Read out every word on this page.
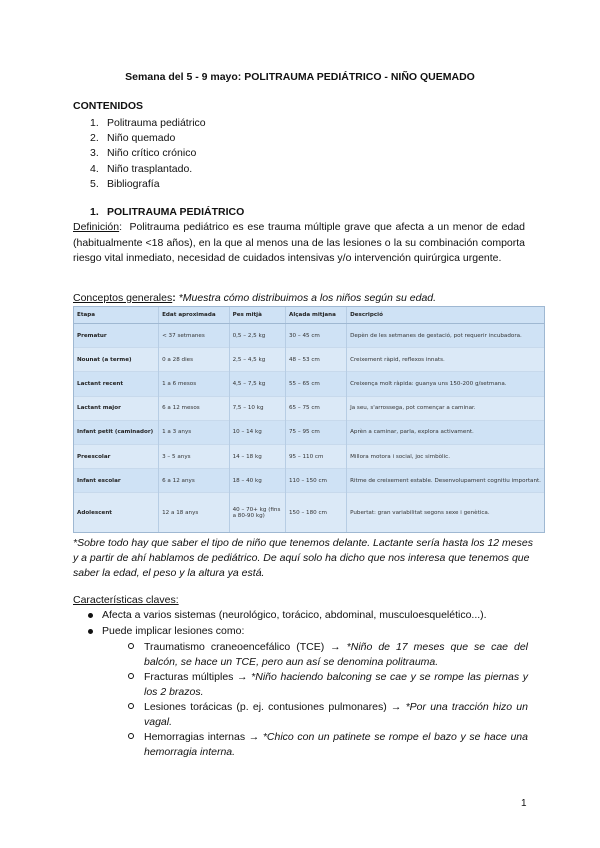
Semana del 5 - 9 mayo: POLITRAUMA PEDIÁTRICO - NIÑO QUEMADO
CONTENIDOS
1. Politrauma pediátrico
2. Niño quemado
3. Niño crítico crónico
4. Niño trasplantado.
5. Bibliografía
1. POLITRAUMA PEDIÁTRICO
Definición: Politrauma pediátrico es ese trauma múltiple grave que afecta a un menor de edad (habitualmente <18 años), en la que al menos una de las lesiones o la su combinación comporta riesgo vital inmediato, necesidad de cuidados intensivas y/o intervención quirúrgica urgente.
Conceptos generales: *Muestra cómo distribuimos a los niños según su edad.
Etapa	Edat aproximada	Pes mitjà	Alçada mitjana	Descripció
Prematur	< 37 setmanes	0,5 – 2,5 kg	30 – 45 cm	Depèn de les setmanes de gestació, pot requerir incubadora.
Nounat (a terme)	0 a 28 dies	2,5 – 4,5 kg	48 – 53 cm	Creixement ràpid, reflexos innats.
Lactant recent	1 a 6 mesos	4,5 – 7,5 kg	55 – 65 cm	Creixença molt ràpida: guanya uns 150-200 g/setmana.
Lactant major	6 a 12 mesos	7,5 – 10 kg	65 – 75 cm	Ja seu, s'arrossega, pot començar a caminar.
Infant petit (caminador)	1 a 3 anys	10 – 14 kg	75 – 95 cm	Aprèn a caminar, parla, explora activament.
Preescolar	3 – 5 anys	14 – 18 kg	95 – 110 cm	Millora motora i social, joc simbòlic.
Infant escolar	6 a 12 anys	18 – 40 kg	110 – 150 cm	Ritme de creixement estable. Desenvolupament cognitiu important.
Adolescent	12 a 18 anys	40 – 70+ kg (fins a 80-90 kg)	150 – 180 cm	Pubertat: gran variabilitat segons sexe i genètica.
*Sobre todo hay que saber el tipo de niño que tenemos delante. Lactante sería hasta los 12 meses y a partir de ahí hablamos de pediátrico. De aquí solo ha dicho que nos interesa que tenemos que saber la edad, el peso y la altura ya está.
Características claves:
Afecta a varios sistemas (neurológico, torácico, abdominal, musculoesquelético...).
Puede implicar lesiones como:
Traumatismo craneoencefálico (TCE) → *Niño de 17 meses que se cae del balcón, se hace un TCE, pero aun así se denomina politrauma.
Fracturas múltiples → *Niño haciendo balconing se cae y se rompe las piernas y los 2 brazos.
Lesiones torácicas (p. ej. contusiones pulmonares) → *Por una tracción hizo un vagal.
Hemorragias internas → *Chico con un patinete se rompe el bazo y se hace una hemorragia interna.
1
